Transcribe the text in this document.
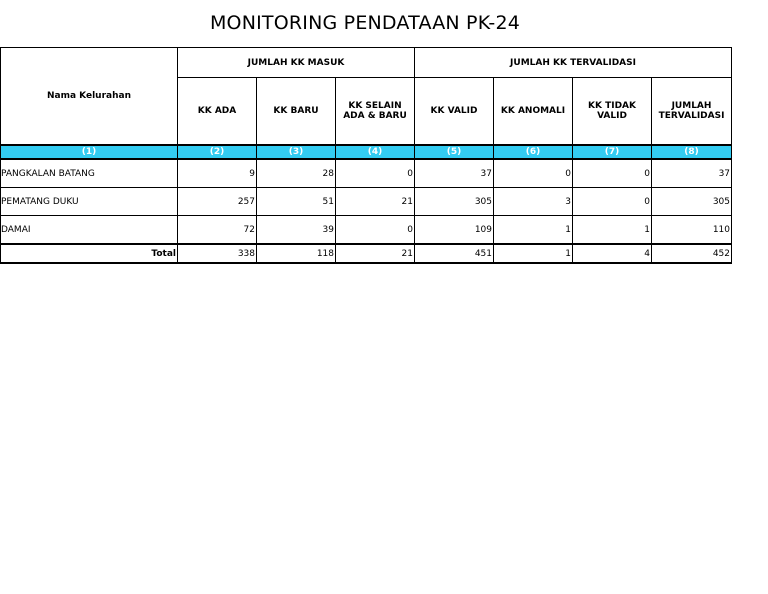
MONITORING PENDATAAN PK-24
Nama Kelurahan	JUMLAH KK MASUK			JUMLAH KK TERVALIDASI			
	KK ADA	KK BARU	KK SELAIN ADA & BARU	KK VALID	KK ANOMALI	KK TIDAK VALID	JUMLAH TERVALIDASI
(1)	(2)	(3)	(4)	(5)	(6)	(7)	(8)
PANGKALAN BATANG	9	28	0	37	0	0	37
PEMATANG DUKU	257	51	21	305	3	0	305
DAMAI	72	39	0	109	1	1	110
Total	338	118	21	451	1	4	452
